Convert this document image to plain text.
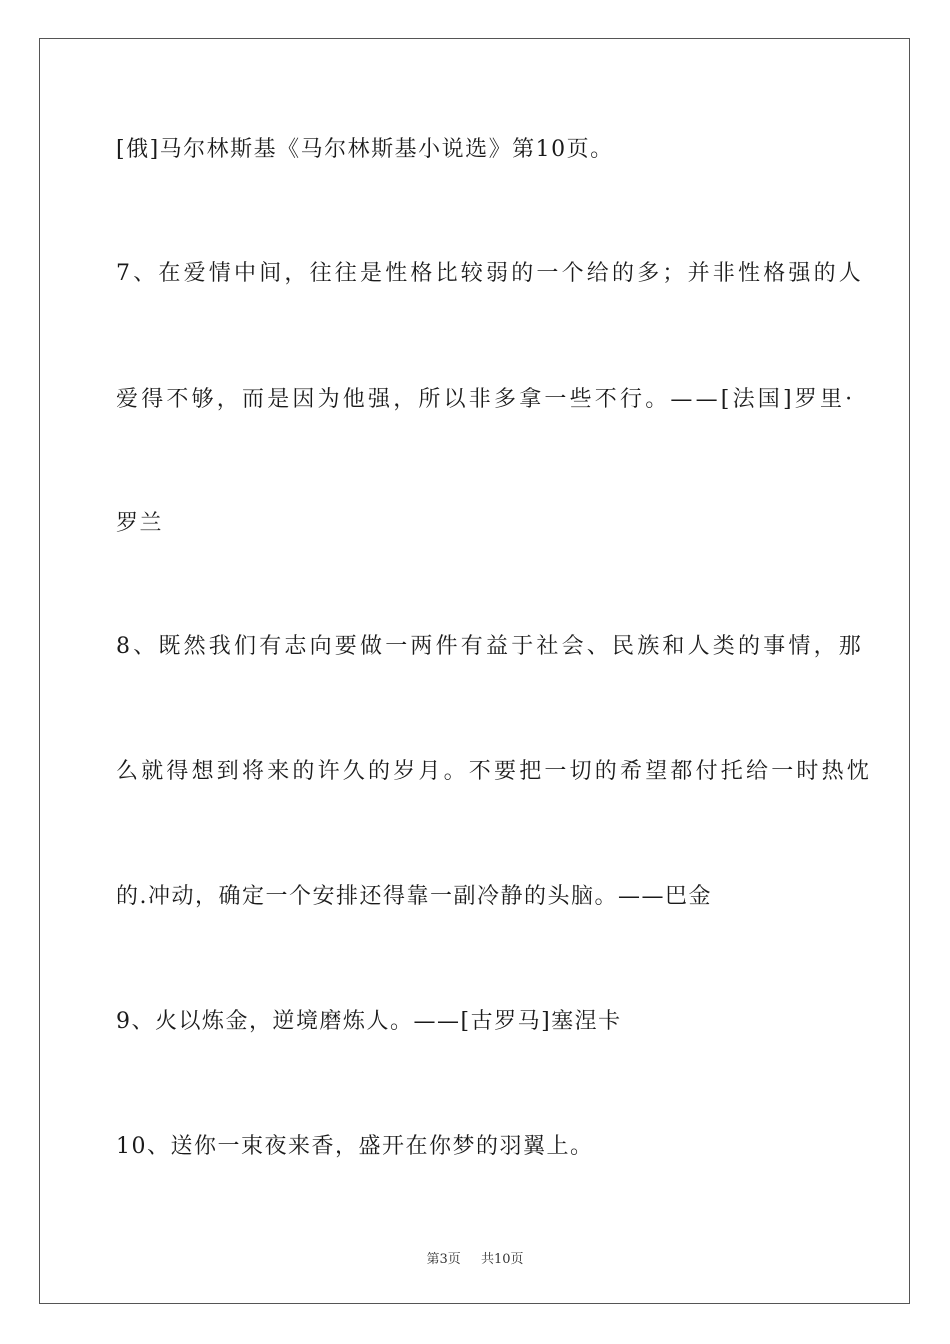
[俄]马尔林斯基《马尔林斯基小说选》第10页。
7、在爱情中间，往往是性格比较弱的一个给的多；并非性格强的人
爱得不够，而是因为他强，所以非多拿一些不行。——[法国]罗里·
罗兰
8、既然我们有志向要做一两件有益于社会、民族和人类的事情，那
么就得想到将来的许久的岁月。不要把一切的希望都付托给一时热忱
的.冲动，确定一个安排还得靠一副冷静的头脑。——巴金
9、火以炼金，逆境磨炼人。——[古罗马]塞涅卡
10、送你一束夜来香，盛开在你梦的羽翼上。
第3页 共10页
